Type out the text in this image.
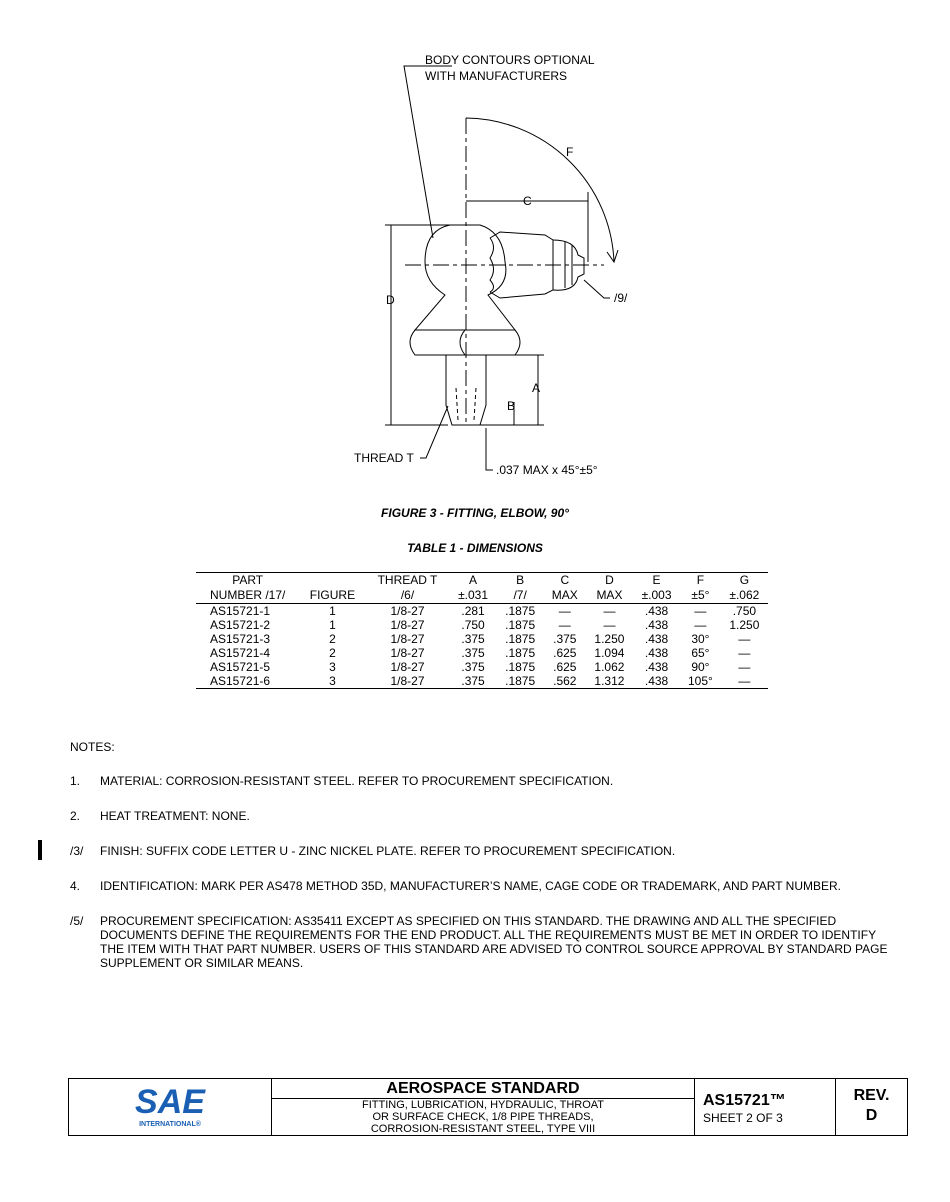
BODY CONTOURS OPTIONAL
WITH MANUFACTURERS
F
C
D
A
B
/9/
THREAD T
.037 MAX x 45°±5°
FIGURE 3 - FITTING, ELBOW, 90°
TABLE 1 - DIMENSIONS
PART		THREAD T	A	B	C	D	E	F	G
NUMBER /17/	FIGURE	/6/	±.031	/7/	MAX	MAX	±.003	±5°	±.062
AS15721-1	1	1/8-27	.281	.1875	—	—	.438	—	.750
AS15721-2	1	1/8-27	.750	.1875	—	—	.438	—	1.250
AS15721-3	2	1/8-27	.375	.1875	.375	1.250	.438	30°	—
AS15721-4	2	1/8-27	.375	.1875	.625	1.094	.438	65°	—
AS15721-5	3	1/8-27	.375	.1875	.625	1.062	.438	90°	—
AS15721-6	3	1/8-27	.375	.1875	.562	1.312	.438	105°	—
NOTES:
1. MATERIAL: CORROSION-RESISTANT STEEL. REFER TO PROCUREMENT SPECIFICATION.
2. HEAT TREATMENT: NONE.
/3/ FINISH: SUFFIX CODE LETTER U - ZINC NICKEL PLATE. REFER TO PROCUREMENT SPECIFICATION.
4. IDENTIFICATION: MARK PER AS478 METHOD 35D, MANUFACTURER’S NAME, CAGE CODE OR TRADEMARK, AND PART NUMBER.
/5/ PROCUREMENT SPECIFICATION: AS35411 EXCEPT AS SPECIFIED ON THIS STANDARD. THE DRAWING AND ALL THE SPECIFIED DOCUMENTS DEFINE THE REQUIREMENTS FOR THE END PRODUCT. ALL THE REQUIREMENTS MUST BE MET IN ORDER TO IDENTIFY THE ITEM WITH THAT PART NUMBER. USERS OF THIS STANDARD ARE ADVISED TO CONTROL SOURCE APPROVAL BY STANDARD PAGE SUPPLEMENT OR SIMILAR MEANS.
SAE
INTERNATIONAL®
AEROSPACE STANDARD
FITTING, LUBRICATION, HYDRAULIC, THROAT
OR SURFACE CHECK, 1/8 PIPE THREADS,
CORROSION-RESISTANT STEEL, TYPE VIII
AS15721™
SHEET 2 OF 3
REV.
D
